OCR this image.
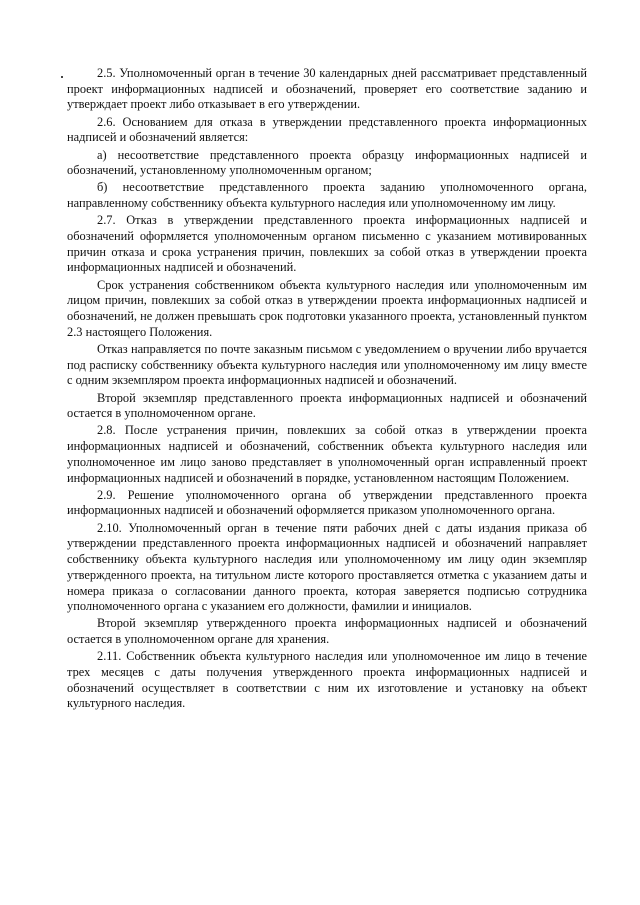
2.5. Уполномоченный орган в течение 30 календарных дней рассматривает представленный проект информационных надписей и обозначений, проверяет его соответствие заданию и утверждает проект либо отказывает в его утверждении.

2.6. Основанием для отказа в утверждении представленного проекта информационных надписей и обозначений является:

а) несоответствие представленного проекта образцу информационных надписей и обозначений, установленному уполномоченным органом;

б) несоответствие представленного проекта заданию уполномоченного органа, направленному собственнику объекта культурного наследия или уполномоченному им лицу.

2.7. Отказ в утверждении представленного проекта информационных надписей и обозначений оформляется уполномоченным органом письменно с указанием мотивированных причин отказа и срока устранения причин, повлекших за собой отказ в утверждении проекта информационных надписей и обозначений.

Срок устранения собственником объекта культурного наследия или уполномоченным им лицом причин, повлекших за собой отказ в утверждении проекта информационных надписей и обозначений, не должен превышать срок подготовки указанного проекта, установленный пунктом 2.3 настоящего Положения.

Отказ направляется по почте заказным письмом с уведомлением о вручении либо вручается под расписку собственнику объекта культурного наследия или уполномоченному им лицу вместе с одним экземпляром проекта информационных надписей и обозначений.

Второй экземпляр представленного проекта информационных надписей и обозначений остается в уполномоченном органе.

2.8. После устранения причин, повлекших за собой отказ в утверждении проекта информационных надписей и обозначений, собственник объекта культурного наследия или уполномоченное им лицо заново представляет в уполномоченный орган исправленный проект информационных надписей и обозначений в порядке, установленном настоящим Положением.

2.9. Решение уполномоченного органа об утверждении представленного проекта информационных надписей и обозначений оформляется приказом уполномоченного органа.

2.10. Уполномоченный орган в течение пяти рабочих дней с даты издания приказа об утверждении представленного проекта информационных надписей и обозначений направляет собственнику объекта культурного наследия или уполномоченному им лицу один экземпляр утвержденного проекта, на титульном листе которого проставляется отметка с указанием даты и номера приказа о согласовании данного проекта, которая заверяется подписью сотрудника уполномоченного органа с указанием его должности, фамилии и инициалов.

Второй экземпляр утвержденного проекта информационных надписей и обозначений остается в уполномоченном органе для хранения.

2.11. Собственник объекта культурного наследия или уполномоченное им лицо в течение трех месяцев с даты получения утвержденного проекта информационных надписей и обозначений осуществляет в соответствии с ним их изготовление и установку на объект культурного наследия.
